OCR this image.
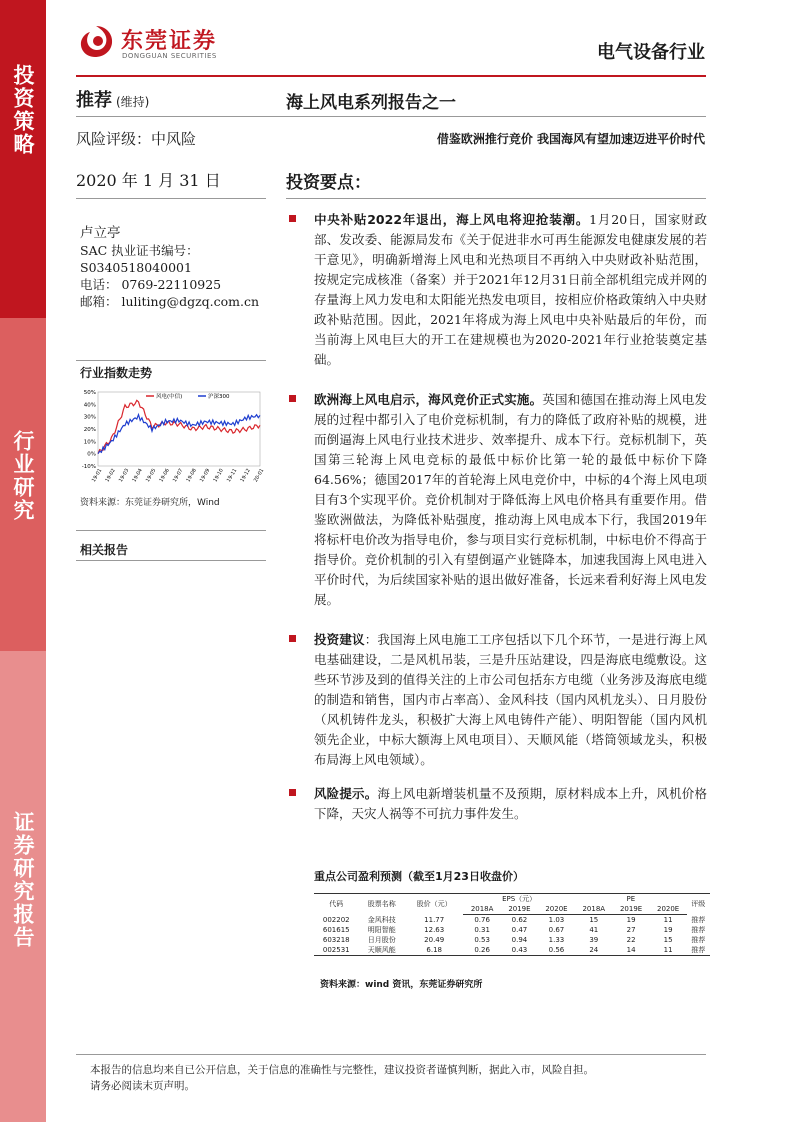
投资策略
行业研究
证券研究报告
东莞证券
DONGGUAN SECURITIES	电气设备行业
推荐 (维持)	海上风电系列报告之一
风险评级：中风险	借鉴欧洲推行竞价 我国海风有望加速迈进平价时代
2020 年 1 月 31 日	投资要点：
卢立亭
SAC 执业证书编号：
S0340518040001
电话： 0769-22110925
邮箱： luliting@dgzq.com.cn
行业指数走势
50%
40%
30%
20%
10%
0%
-10%
19-01 19-02 19-03 19-04 19-05 19-06 19-07 19-08 19-09 19-10 19-11 19-12 20-01
风电(中信)	沪深300
资料来源：东莞证券研究所，Wind
相关报告

中央补贴2022年退出，海上风电将迎抢装潮。1月20日，国家财政部、发改委、能源局发布《关于促进非水可再生能源发电健康发展的若干意见》，明确新增海上风电和光热项目不再纳入中央财政补贴范围，按规定完成核准（备案）并于2021年12月31日前全部机组完成并网的存量海上风力发电和太阳能光热发电项目，按相应价格政策纳入中央财政补贴范围。因此，2021年将成为海上风电中央补贴最后的年份，而当前海上风电巨大的开工在建规模也为2020-2021年行业抢装奠定基础。

欧洲海上风电启示，海风竞价正式实施。英国和德国在推动海上风电发展的过程中都引入了电价竞标机制，有力的降低了政府补贴的规模，进而倒逼海上风电行业技术进步、效率提升、成本下行。竞标机制下，英国第三轮海上风电竞标的最低中标价比第一轮的最低中标价下降64.56%；德国2017年的首轮海上风电竞价中，中标的4个海上风电项目有3个实现平价。竞价机制对于降低海上风电价格具有重要作用。借鉴欧洲做法，为降低补贴强度，推动海上风电成本下行，我国2019年将标杆电价改为指导电价，参与项目实行竞标机制，中标电价不得高于指导价。竞价机制的引入有望倒逼产业链降本，加速我国海上风电进入平价时代，为后续国家补贴的退出做好准备，长远来看利好海上风电发展。

投资建议：我国海上风电施工工序包括以下几个环节，一是进行海上风电基础建设，二是风机吊装，三是升压站建设，四是海底电缆敷设。这些环节涉及到的值得关注的上市公司包括东方电缆（业务涉及海底电缆的制造和销售，国内市占率高）、金风科技（国内风机龙头）、日月股份（风机铸件龙头，积极扩大海上风电铸件产能）、明阳智能（国内风机领先企业，中标大额海上风电项目）、天顺风能（塔筒领域龙头，积极布局海上风电领域）。

风险提示。海上风电新增装机量不及预期，原材料成本上升，风机价格下降，天灾人祸等不可抗力事件发生。

重点公司盈利预测（截至1月23日收盘价）
代码	股票名称	股价（元）	EPS（元）			PE			评级
			2018A	2019E	2020E	2018A	2019E	2020E	
002202	金风科技	11.77	0.76	0.62	1.03	15	19	11	推荐
601615	明阳智能	12.63	0.31	0.47	0.67	41	27	19	推荐
603218	日月股份	20.49	0.53	0.94	1.33	39	22	15	推荐
002531	天顺风能	6.18	0.26	0.43	0.56	24	14	11	推荐
资料来源：wind 资讯，东莞证券研究所
本报告的信息均来自已公开信息，关于信息的准确性与完整性，建议投资者谨慎判断，据此入市，风险自担。
请务必阅读末页声明。
